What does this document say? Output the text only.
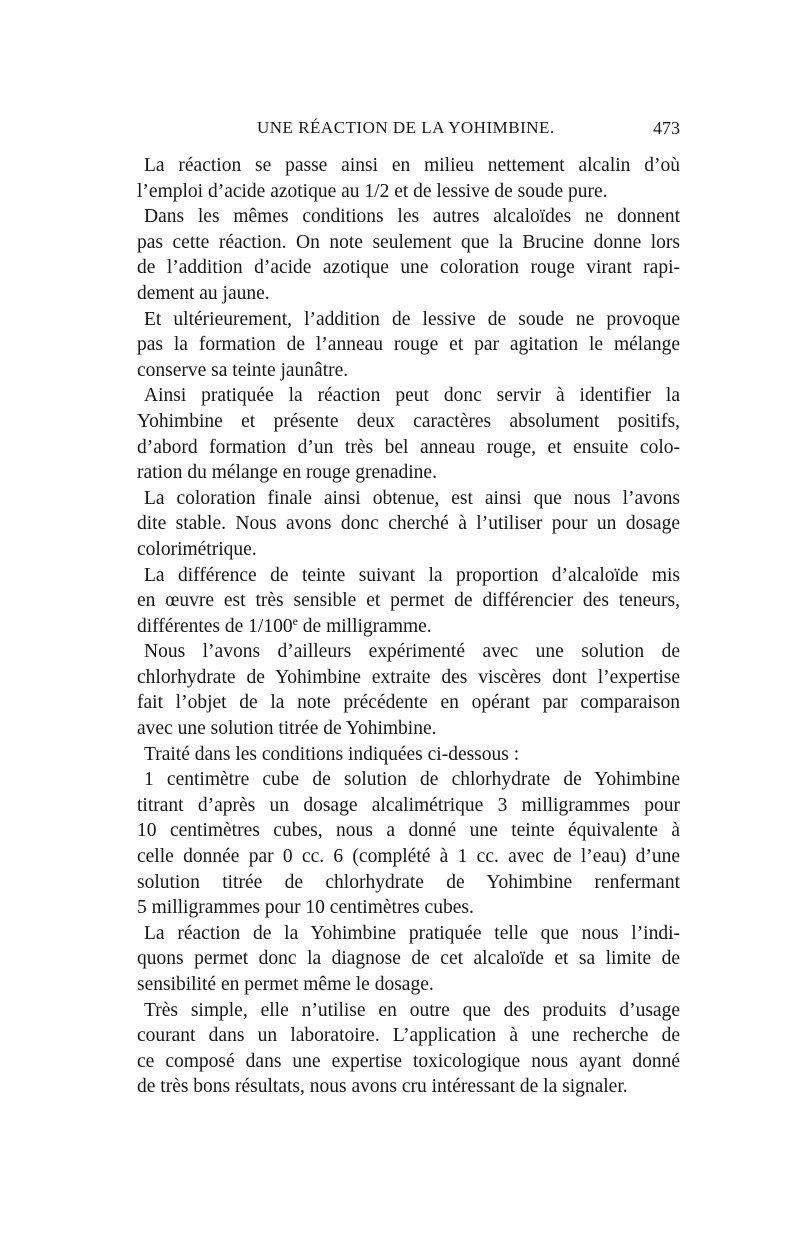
UNE RÉACTION DE LA YOHIMBINE.	473
La réaction se passe ainsi en milieu nettement alcalin d’où
l’emploi d’acide azotique au 1/2 et de lessive de soude pure.
Dans les mêmes conditions les autres alcaloïdes ne donnent
pas cette réaction. On note seulement que la Brucine donne lors
de l’addition d’acide azotique une coloration rouge virant rapi-
dement au jaune.
Et ultérieurement, l’addition de lessive de soude ne provoque
pas la formation de l’anneau rouge et par agitation le mélange
conserve sa teinte jaunâtre.
Ainsi pratiquée la réaction peut donc servir à identifier la
Yohimbine et présente deux caractères absolument positifs,
d’abord formation d’un très bel anneau rouge, et ensuite colo-
ration du mélange en rouge grenadine.
La coloration finale ainsi obtenue, est ainsi que nous l’avons
dite stable. Nous avons donc cherché à l’utiliser pour un dosage
colorimétrique.
La différence de teinte suivant la proportion d’alcaloïde mis
en œuvre est très sensible et permet de différencier des teneurs,
différentes de 1/100e de milligramme.
Nous l’avons d’ailleurs expérimenté avec une solution de
chlorhydrate de Yohimbine extraite des viscères dont l’expertise
fait l’objet de la note précédente en opérant par comparaison
avec une solution titrée de Yohimbine.
Traité dans les conditions indiquées ci-dessous :
1 centimètre cube de solution de chlorhydrate de Yohimbine
titrant d’après un dosage alcalimétrique 3 milligrammes pour
10 centimètres cubes, nous a donné une teinte équivalente à
celle donnée par 0 cc. 6 (complété à 1 cc. avec de l’eau) d’une
solution titrée de chlorhydrate de Yohimbine renfermant
5 milligrammes pour 10 centimètres cubes.
La réaction de la Yohimbine pratiquée telle que nous l’indi-
quons permet donc la diagnose de cet alcaloïde et sa limite de
sensibilité en permet même le dosage.
Très simple, elle n’utilise en outre que des produits d’usage
courant dans un laboratoire. L’application à une recherche de
ce composé dans une expertise toxicologique nous ayant donné
de très bons résultats, nous avons cru intéressant de la signaler.
